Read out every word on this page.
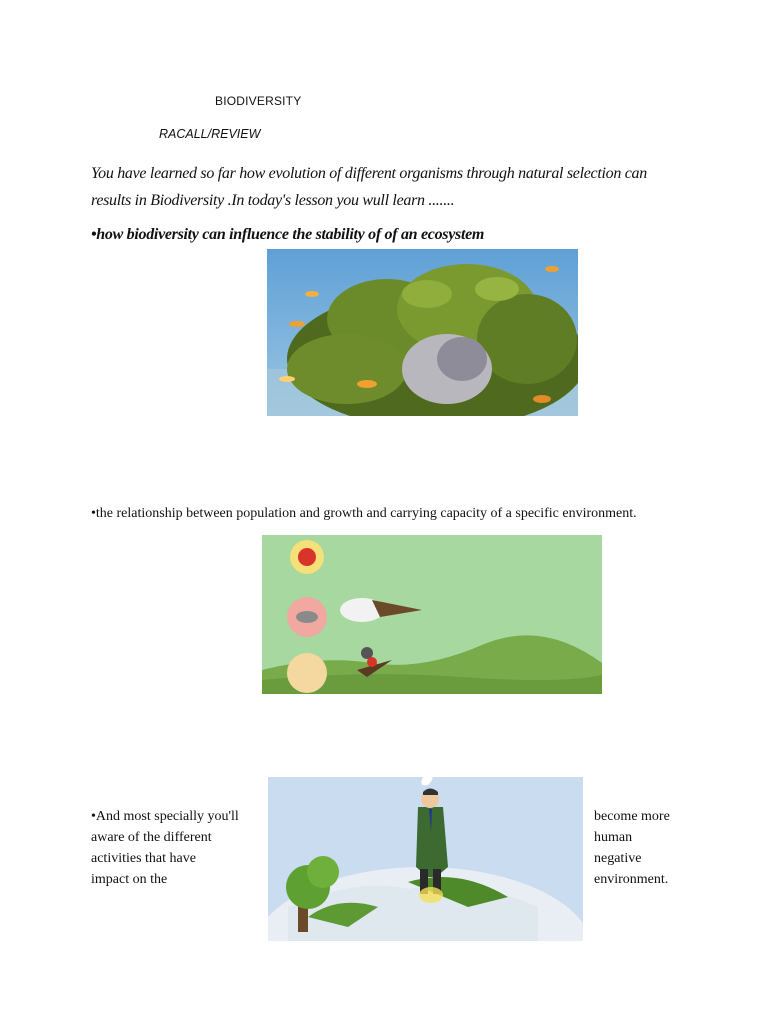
BIODIVERSITY
RACALL/REVIEW
You have learned so far how evolution of different organisms through natural selection can
results in Biodiversity .In today's lesson you wull learn .......
•how biodiversity can influence the stability of of an ecosystem
•the relationship between population and growth and carrying capacity of a specific environment.
•And most specially you'll
aware of the different
activities that have
impact on the
become more
human
negative
environment.
